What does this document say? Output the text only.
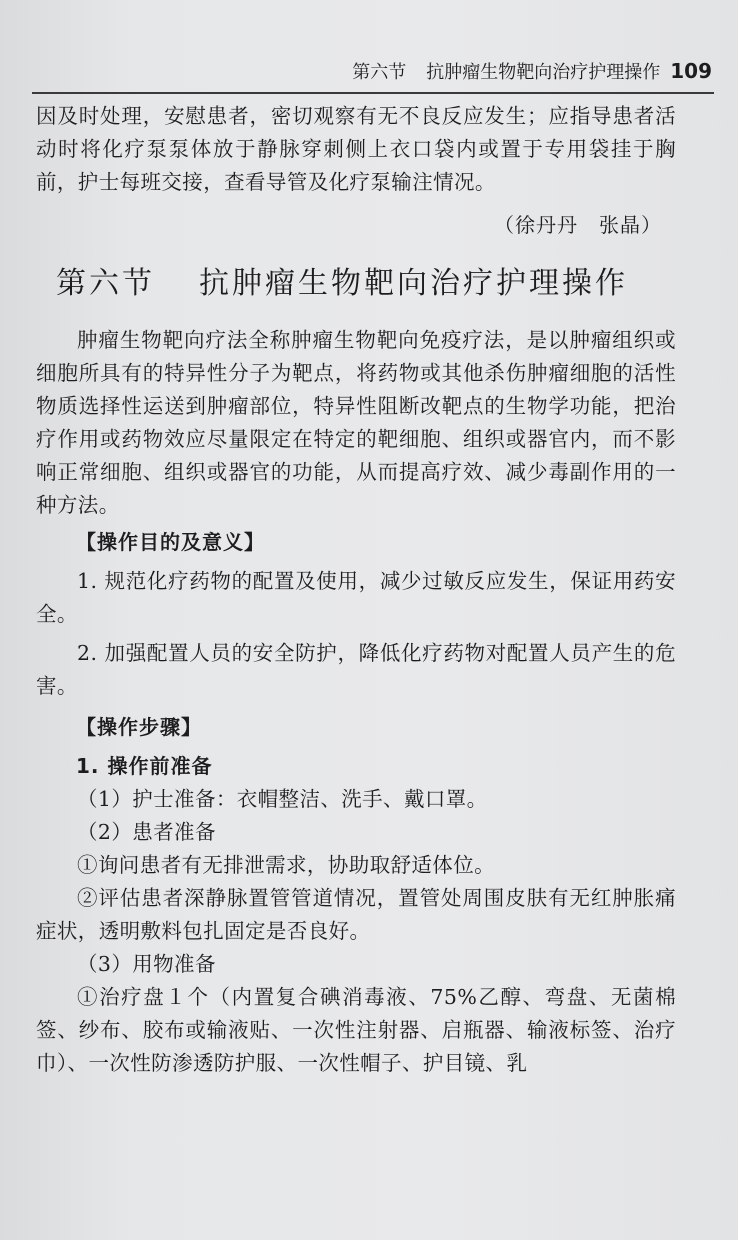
第六节 抗肿瘤生物靶向治疗护理操作 109

因及时处理，安慰患者，密切观察有无不良反应发生；应指导患者活动时将化疗泵泵体放于静脉穿刺侧上衣口袋内或置于专用袋挂于胸前，护士每班交接，查看导管及化疗泵输注情况。

（徐丹丹　张晶）

第六节 抗肿瘤生物靶向治疗护理操作

肿瘤生物靶向疗法全称肿瘤生物靶向免疫疗法，是以肿瘤组织或细胞所具有的特异性分子为靶点，将药物或其他杀伤肿瘤细胞的活性物质选择性运送到肿瘤部位，特异性阻断改靶点的生物学功能，把治疗作用或药物效应尽量限定在特定的靶细胞、组织或器官内，而不影响正常细胞、组织或器官的功能，从而提高疗效、减少毒副作用的一种方法。

【操作目的及意义】

1. 规范化疗药物的配置及使用，减少过敏反应发生，保证用药安全。

2. 加强配置人员的安全防护，降低化疗药物对配置人员产生的危害。

【操作步骤】
1. 操作前准备

（1）护士准备：衣帽整洁、洗手、戴口罩。

（2）患者准备

①询问患者有无排泄需求，协助取舒适体位。

②评估患者深静脉置管管道情况，置管处周围皮肤有无红肿胀痛症状，透明敷料包扎固定是否良好。

（3）用物准备

①治疗盘１个（内置复合碘消毒液、75%乙醇、弯盘、无菌棉签、纱布、胶布或输液贴、一次性注射器、启瓶器、输液标签、治疗巾）、一次性防渗透防护服、一次性帽子、护目镜、乳
